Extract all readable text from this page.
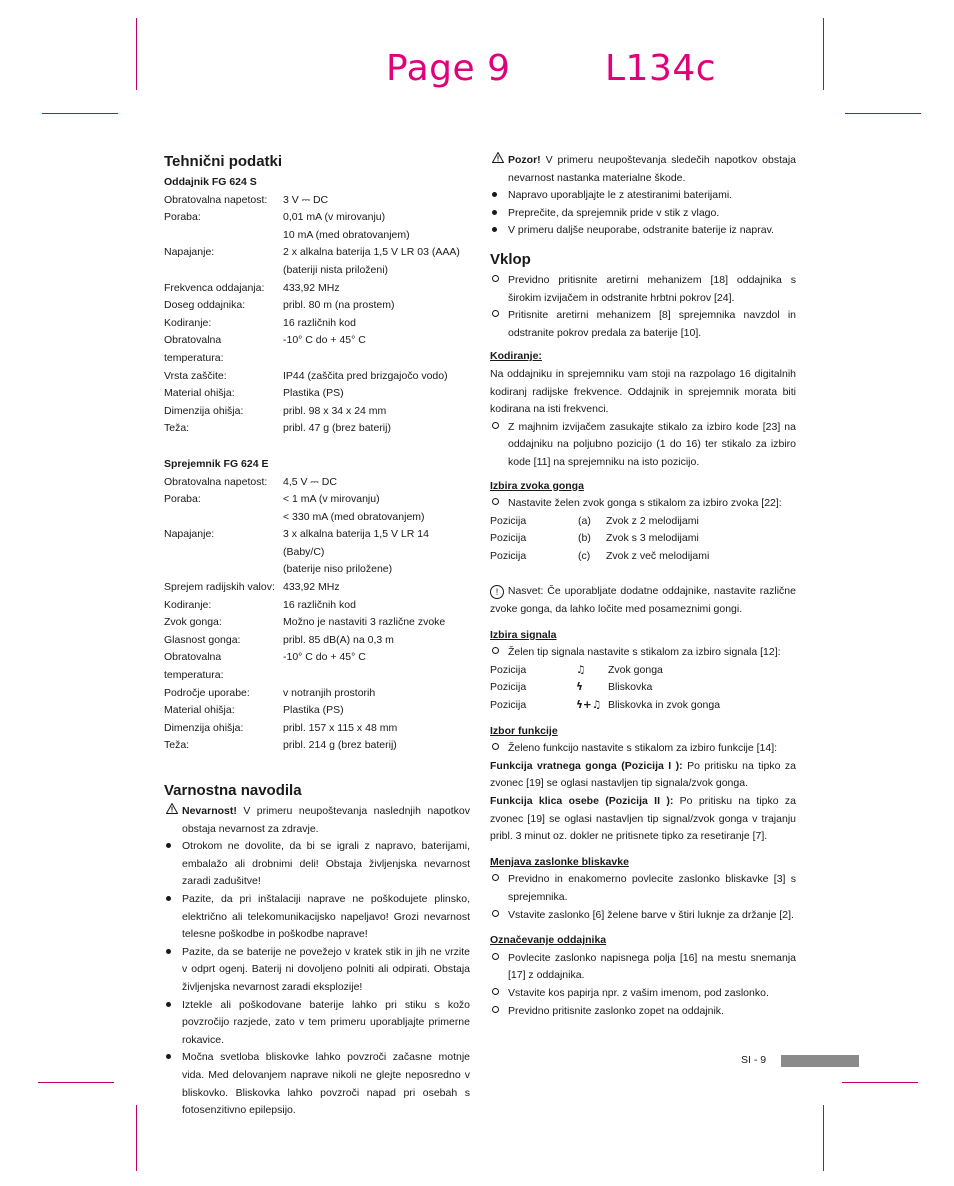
Page 9	L134c
Tehnični podatki
Oddajnik FG 624 S
Obratovalna napetost:	3 V ⎓ DC
Poraba:	0,01 mA (v mirovanju)
10 mA (med obratovanjem)
Napajanje:	2 x alkalna baterija 1,5 V LR 03 (AAA)
(bateriji nista priloženi)
Frekvenca oddajanja:	433,92 MHz
Doseg oddajnika:	pribl. 80 m (na prostem)
Kodiranje:	16 različnih kod
Obratovalna temperatura:
-10° C do + 45° C
Vrsta zaščite:	IP44 (zaščita pred brizgajočo vodo)
Material ohišja:	Plastika (PS)
Dimenzija ohišja:	pribl. 98 x 34 x 24 mm
Teža:	pribl. 47 g (brez baterij)
Sprejemnik FG 624 E
Obratovalna napetost:	4,5 V ⎓ DC
Poraba:	< 1 mA (v mirovanju)
< 330 mA (med obratovanjem)
Napajanje:	3 x alkalna baterija 1,5 V LR 14 (Baby/C)
(baterije niso priložene)
Sprejem radijskih valov: 433,92 MHz
Kodiranje:	16 različnih kod
Zvok gonga:	Možno je nastaviti 3 različne zvoke
Glasnost gonga:	pribl. 85 dB(A) na 0,3 m
Obratovalna temperatura:
-10° C do + 45° C
Področje uporabe:	v notranjih prostorih
Material ohišja:	Plastika (PS)
Dimenzija ohišja:	pribl. 157 x 115 x 48 mm
Teža:	pribl. 214 g (brez baterij)
Varnostna navodila
Nevarnost! V primeru neupoštevanja naslednjih napotkov obstaja nevarnost za zdravje.
Otrokom ne dovolite, da bi se igrali z napravo, baterijami, embalažo ali drobnimi deli! Obstaja življenjska nevarnost zaradi zadušitve!
Pazite, da pri inštalaciji naprave ne poškodujete plinsko, električno ali telekomunikacijsko napeljavo! Grozi nevarnost telesne poškodbe in poškodbe naprave!
Pazite, da se baterije ne povežejo v kratek stik in jih ne vrzite v odprt ogenj. Baterij ni dovoljeno polniti ali odpirati. Obstaja življenjska nevarnost zaradi eksplozije!
Iztekle ali poškodovane baterije lahko pri stiku s kožo povzročijo razjede, zato v tem primeru uporabljajte primerne rokavice.
Močna svetloba bliskovke lahko povzroči začasne motnje vida. Med delovanjem naprave nikoli ne glejte neposredno v bliskovko. Bliskovka lahko povzroči napad pri osebah s fotosenzitivno epilepsijo.
Pozor! V primeru neupoštevanja sledečih napotkov obstaja nevarnost nastanka materialne škode.
Napravo uporabljajte le z atestiranimi baterijami.
Preprečite, da sprejemnik pride v stik z vlago.
V primeru daljše neuporabe, odstranite baterije iz naprav.
Vklop
Previdno pritisnite aretirni mehanizem [18] oddajnika s širokim izvijačem in odstranite hrbtni pokrov [24].
Pritisnite aretirni mehanizem [8] sprejemnika navzdol in odstranite pokrov predala za baterije [10].
Kodiranje:
Na oddajniku in sprejemniku vam stoji na razpolago 16 digitalnih kodiranj radijske frekvence. Oddajnik in sprejemnik morata biti kodirana na isti frekvenci.
Z majhnim izvijačem zasukajte stikalo za izbiro kode [23] na oddajniku na poljubno pozicijo (1 do 16) ter stikalo za izbiro kode [11] na sprejemniku na isto pozicijo.
Izbira zvoka gonga
Nastavite želen zvok gonga s stikalom za izbiro zvoka [22]:
Pozicija	(a)	Zvok z 2 melodijami
Pozicija	(b)	Zvok s 3 melodijami
Pozicija	(c)	Zvok z več melodijami
! Nasvet: Če uporabljate dodatne oddajnike, nastavite različne zvoke gonga, da lahko ločite med posameznimi gongi.
Izbira signala
Želen tip signala nastavite s stikalom za izbiro signala [12]:
Pozicija	♫	Zvok gonga
Pozicija	ϟ	Bliskovka
Pozicija	ϟ+♫ Bliskovka in zvok gonga
Izbor funkcije
Želeno funkcijo nastavite s stikalom za izbiro funkcije [14]:
Funkcija vratnega gonga (Pozicija I ): Po pritisku na tipko za zvonec [19] se oglasi nastavljen tip signala/zvok gonga.
Funkcija klica osebe (Pozicija II ): Po pritisku na tipko za zvonec [19] se oglasi nastavljen tip signal/zvok gonga v trajanju pribl. 3 minut oz. dokler ne pritisnete tipko za resetiranje [7].
Menjava zaslonke bliskavke
Previdno in enakomerno povlecite zaslonko bliskavke [3] s sprejemnika.
Vstavite zaslonko [6] želene barve v štiri luknje za držanje [2].
Označevanje oddajnika
Povlecite zaslonko napisnega polja [16] na mestu snemanja [17] z oddajnika.
Vstavite kos papirja npr. z vašim imenom, pod zaslonko.
Previdno pritisnite zaslonko zopet na oddajnik.
SI - 9
